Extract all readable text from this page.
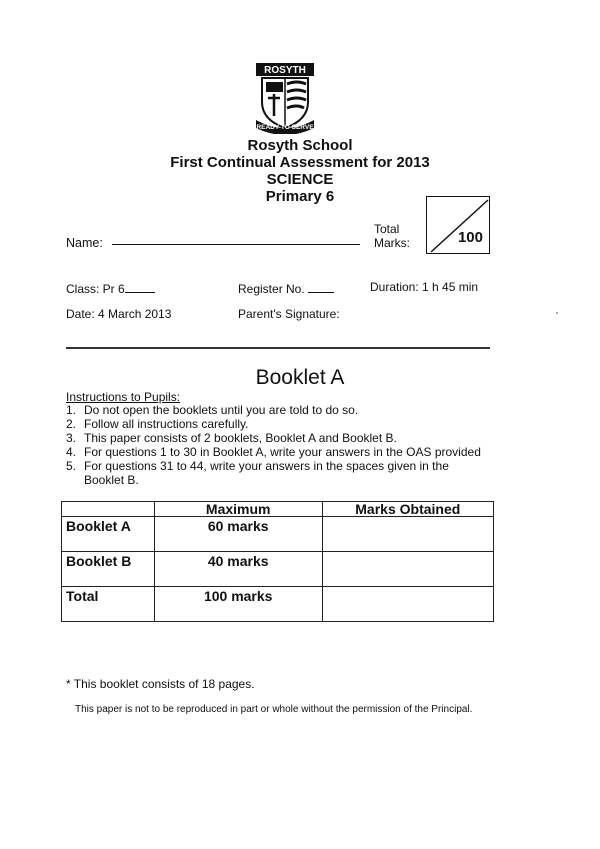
ROSYTH
READY TO SERVE
Rosyth School
First Continual Assessment for 2013
SCIENCE
Primary 6
Name:
Total
Marks:	100
Class: Pr 6	Register No.	Duration: 1 h 45 min
Date: 4 March 2013	Parent's Signature:
Booklet A
Instructions to Pupils:
1. Do not open the booklets until you are told to do so.
2. Follow all instructions carefully.
3. This paper consists of 2 booklets, Booklet A and Booklet B.
4. For questions 1 to 30 in Booklet A, write your answers in the OAS provided
5. For questions 31 to 44, write your answers in the spaces given in the Booklet B.
	Maximum	Marks Obtained
Booklet A	60 marks	
Booklet B	40 marks	
Total	100 marks	
* This booklet consists of 18 pages.
This paper is not to be reproduced in part or whole without the permission of the Principal.
